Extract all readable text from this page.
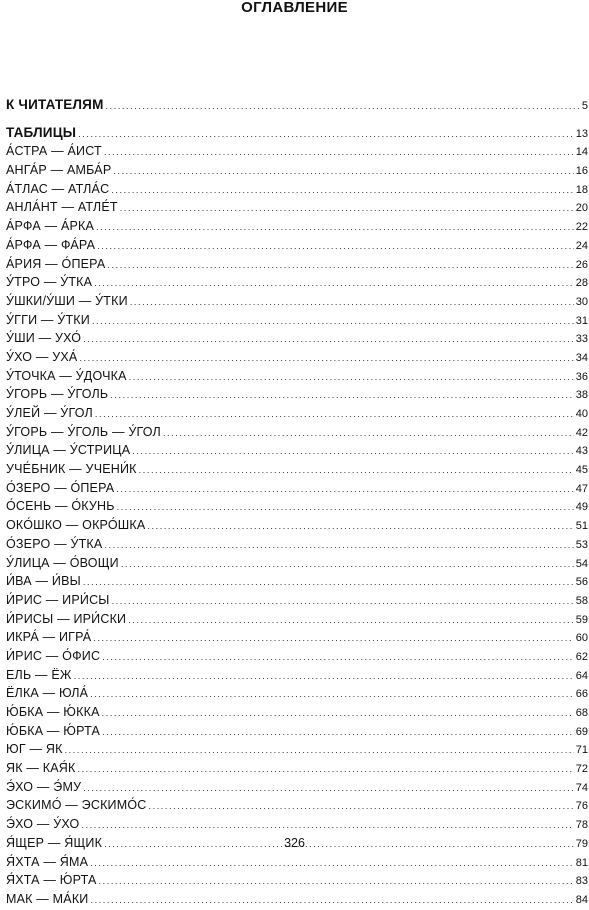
ОГЛАВЛЕНИЕ
К ЧИТАТЕЛЯМ .....	5
ТАБЛИЦЫ .....	13
А́СТРА — А́ИСТ .....	14
АНГА́Р — АМБА́Р .....	16
А́ТЛАС — АТЛА́С .....	18
АНЛА́НТ — АТЛЕ́Т .....	20
А́РФА — А́РКА .....	22
А́РФА — ФА́РА .....	24
А́РИЯ — О́ПЕРА .....	26
У́ТРО — У́ТКА .....	28
У́ШКИ/У́ШИ — У́ТКИ .....	30
У́ГГИ — У́ТКИ .....	31
У́ШИ — УХО́ .....	33
У́ХО — УХА́ .....	34
У́ТОЧКА — У́ДОЧКА .....	36
У́ГОРЬ — У́ГОЛЬ .....	38
У́ЛЕЙ — У́ГОЛ .....	40
У́ГОРЬ — У́ГОЛЬ — У́ГОЛ .....	42
У́ЛИЦА — У́СТРИЦА .....	43
УЧЕ́БНИК — УЧЕНИ́К .....	45
О́ЗЕРО — О́ПЕРА .....	47
О́СЕНЬ — О́КУНЬ .....	49
ОКО́ШКО — ОКРО́ШКА .....	51
О́ЗЕРО — У́ТКА .....	53
У́ЛИЦА — О́ВОЩИ .....	54
И́ВА — И́ВЫ .....	56
И́РИС — ИРИ́СЫ .....	58
И́РИСЫ — ИРИ́СКИ .....	59
ИКРА́ — ИГРА́ .....	60
И́РИС — О́ФИС .....	62
ЕЛЬ — ЁЖ .....	64
ЁЛКА — ЮЛА́ .....	66
Ю́БКА — Ю́ККА .....	68
Ю́БКА — Ю́РТА .....	69
ЮГ — ЯК .....	71
ЯК — КАЯ́К .....	72
Э́ХО — Э́МУ .....	74
ЭСКИМО́ — ЭСКИМО́С .....	76
Э́ХО — У́ХО .....	78
Я́ЩЕР — Я́ЩИК .....	79
Я́ХТА — Я́МА .....	81
Я́ХТА — Ю́РТА .....	83
МАК — МА́КИ .....	84
326
